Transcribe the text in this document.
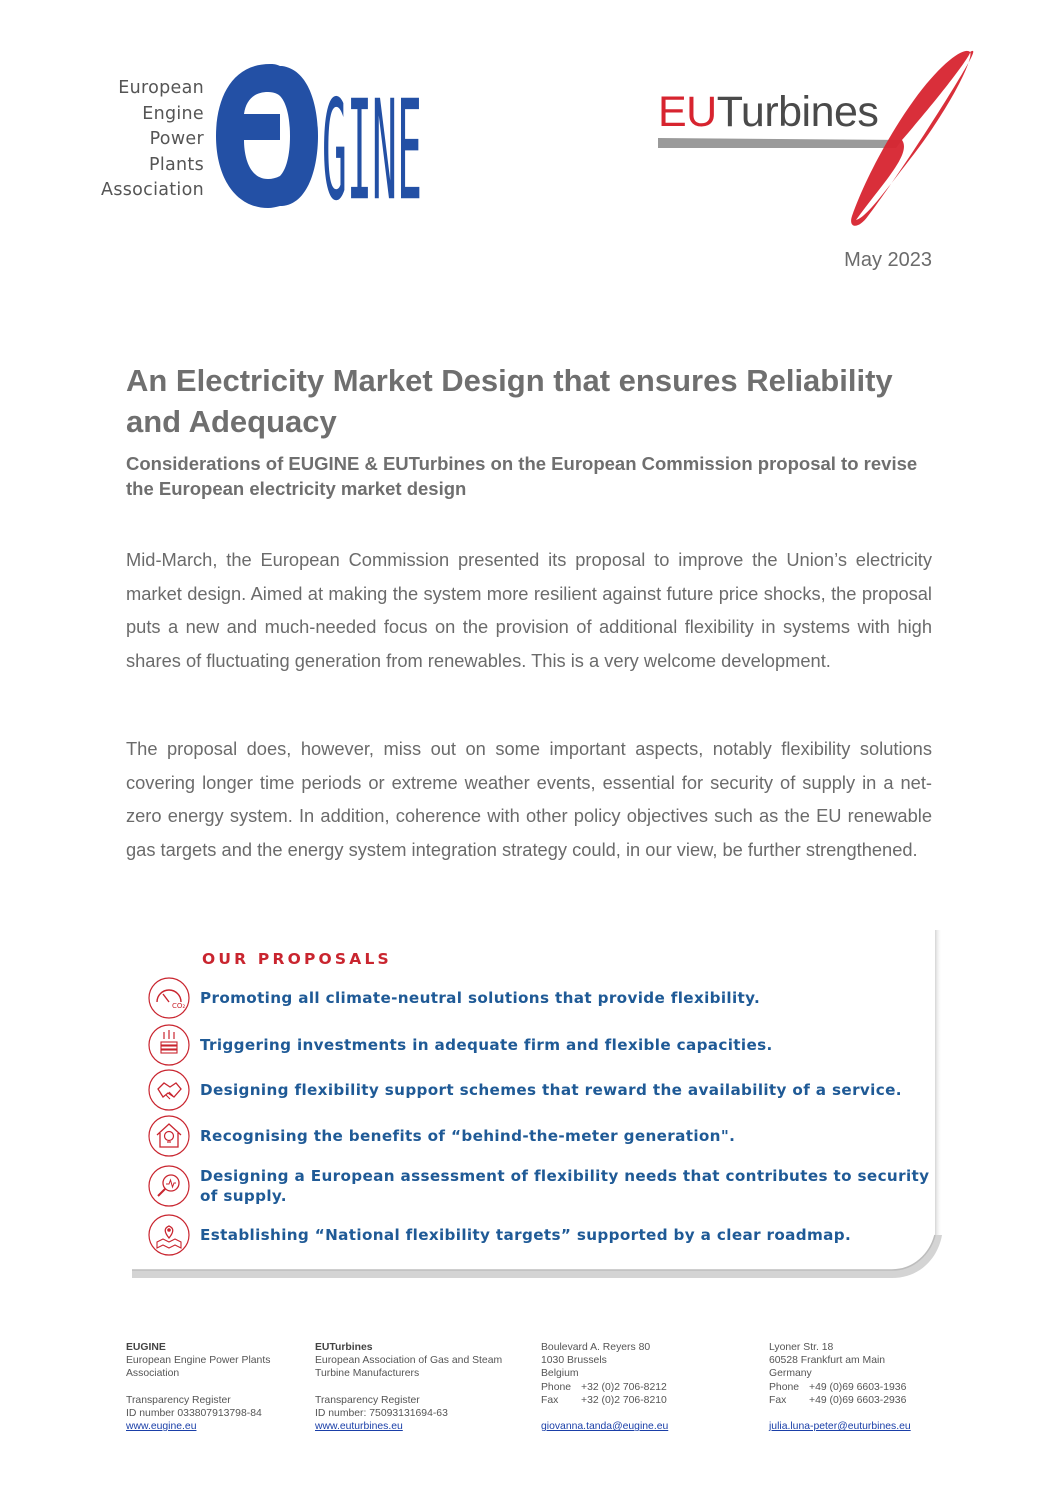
European
Engine
Power
Plants
Association
eu GINE	EUTurbines
May 2023
An Electricity Market Design that ensures Reliability and Adequacy
Considerations of EUGINE & EUTurbines on the European Commission proposal to revise the European electricity market design
Mid-March, the European Commission presented its proposal to improve the Union’s electricity market design. Aimed at making the system more resilient against future price shocks, the proposal puts a new and much-needed focus on the provision of additional flexibility in systems with high shares of fluctuating generation from renewables. This is a very welcome development.
The proposal does, however, miss out on some important aspects, notably flexibility solutions covering longer time periods or extreme weather events, essential for security of supply in a net-zero energy system. In addition, coherence with other policy objectives such as the EU renewable gas targets and the energy system integration strategy could, in our view, be further strengthened.
OUR PROPOSALS
CO₂ Promoting all climate-neutral solutions that provide flexibility.
Triggering investments in adequate firm and flexible capacities.
Designing flexibility support schemes that reward the availability of a service.
Recognising the benefits of “behind-the-meter generation".
Designing a European assessment of flexibility needs that contributes to security of supply.
Establishing “National flexibility targets” supported by a clear roadmap.
EUGINE
European Engine Power Plants
Association
Transparency Register
ID number 033807913798-84
www.eugine.eu
EUTurbines
European Association of Gas and Steam
Turbine Manufacturers
Transparency Register
ID number: 75093131694-63
www.euturbines.eu
Boulevard A. Reyers 80
1030 Brussels
Belgium
Phone +32 (0)2 706-8212
Fax	+32 (0)2 706-8210
giovanna.tanda@eugine.eu
Lyoner Str. 18
60528 Frankfurt am Main
Germany
Phone +49 (0)69 6603-1936
Fax	+49 (0)69 6603-2936
julia.luna-peter@euturbines.eu
